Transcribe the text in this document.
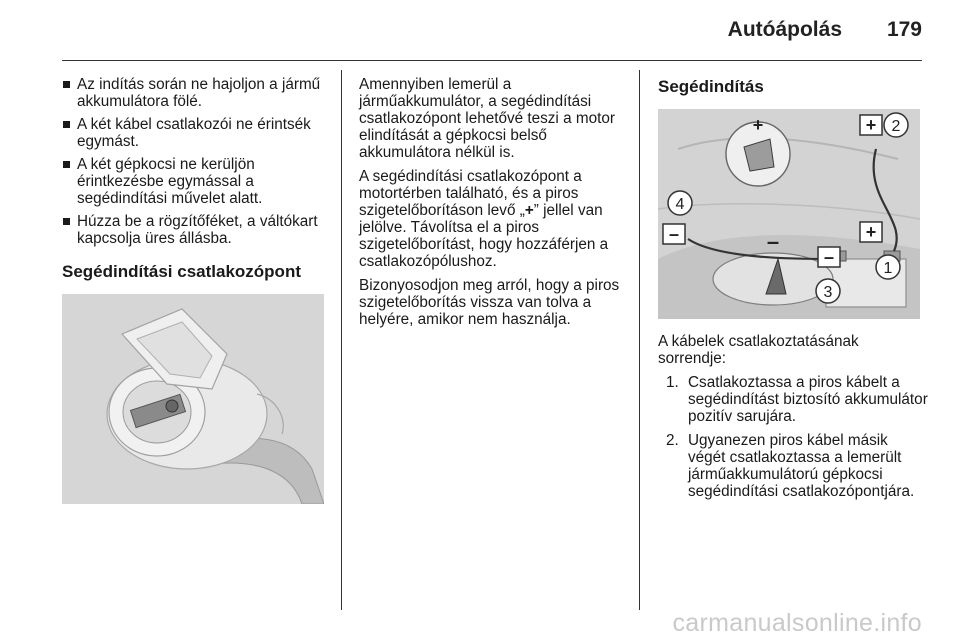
Autóápolás 179
Az indítás során ne hajoljon a jármű akkumulátora fölé.
A két kábel csatlakozói ne érintsék egymást.
A két gépkocsi ne kerüljön érintkezésbe egymással a segédindítási művelet alatt.
Húzza be a rögzítőféket, a váltókart kapcsolja üres állásba.
Segédindítási csatlakozópont

Amennyiben lemerül a járműakkumulátor, a segédindítási csatlakozópont lehetővé teszi a motor elindítását a gépkocsi belső akkumulátora nélkül is.

A segédindítási csatlakozópont a motortérben található, és a piros szigetelőborításon levő „+” jellel van jelölve. Távolítsa el a piros szigetelőborítást, hogy hozzáférjen a csatlakozópólushoz.

Bizonyosodjon meg arról, hogy a piros szigetelőborítás vissza van tolva a helyére, amikor nem használja.

Segédindítás
+
–
–
–
+
+
2
1
3
4

A kábelek csatlakoztatásának sorrendje:

1. Csatlakoztassa a piros kábelt a segédindítást biztosító akkumulátor pozitív sarujára.
2. Ugyanezen piros kábel másik végét csatlakoztassa a lemerült járműakkumulátorú gépkocsi segédindítási csatlakozópontjára.
carmanualsonline.info
